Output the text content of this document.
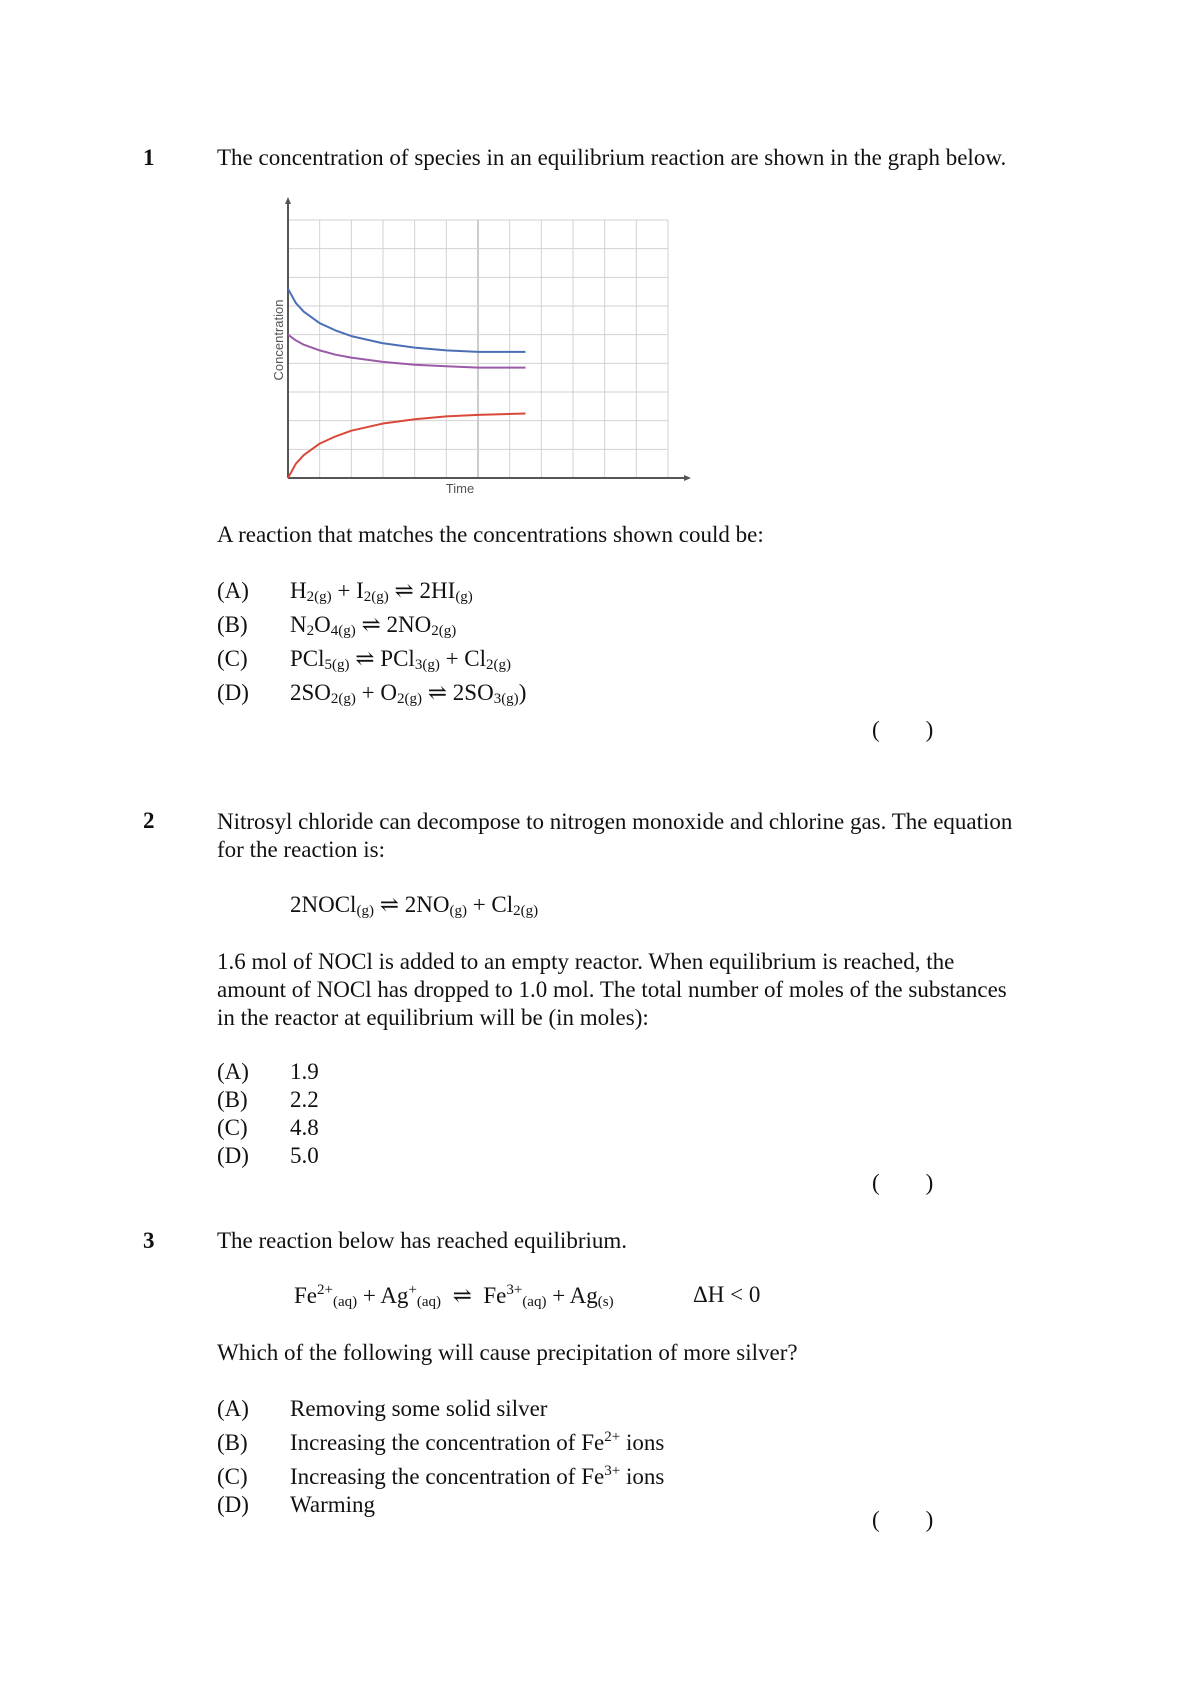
1	The concentration of species in an equilibrium reaction are shown in the graph below.
Concentration
Time
A reaction that matches the concentrations shown could be:
(A) $H_{2(g)} + I_{2(g)}$ ⇌ $2HI_{(g)}$
(B) $N_2O_{4(g)}$ ⇌ $2NO_{2(g)}$
(C) PCl$_{5(g)}$ ⇌ $PCl_{3(g)} + Cl_{2(g)}$
(D) $2SO_{2(g)} + O_{2(g)}$ ⇌ $2SO_{3(g)}$)
(        )
2	Nitrosyl chloride can decompose to nitrogen monoxide and chlorine gas. The equation
for the reaction is:
2NOCl$_{(g)}$ ⇌ $2NO_{(g)} + Cl_{2(g)}$
1.6 mol of NOCl is added to an empty reactor. When equilibrium is reached, the
amount of NOCl has dropped to 1.0 mol. The total number of moles of the substances
in the reactor at equilibrium will be (in moles):
(A) 1.9
(B) 2.2
(C) 4.8
(D) 5.0
(        )
3	The reaction below has reached equilibrium.
$Fe^{2+}_{(aq)} + Ag^+_{(aq)}$  ⇌  $Fe^{3+}_{(aq)} + Ag_{(s)}$	ΔH < 0
Which of the following will cause precipitation of more silver?
(A) Removing some solid silver
(B) Increasing the concentration of $Fe^{2+}$ ions
(C) Increasing the concentration of $Fe^{3+}$ ions
(D) Warming
(        )
